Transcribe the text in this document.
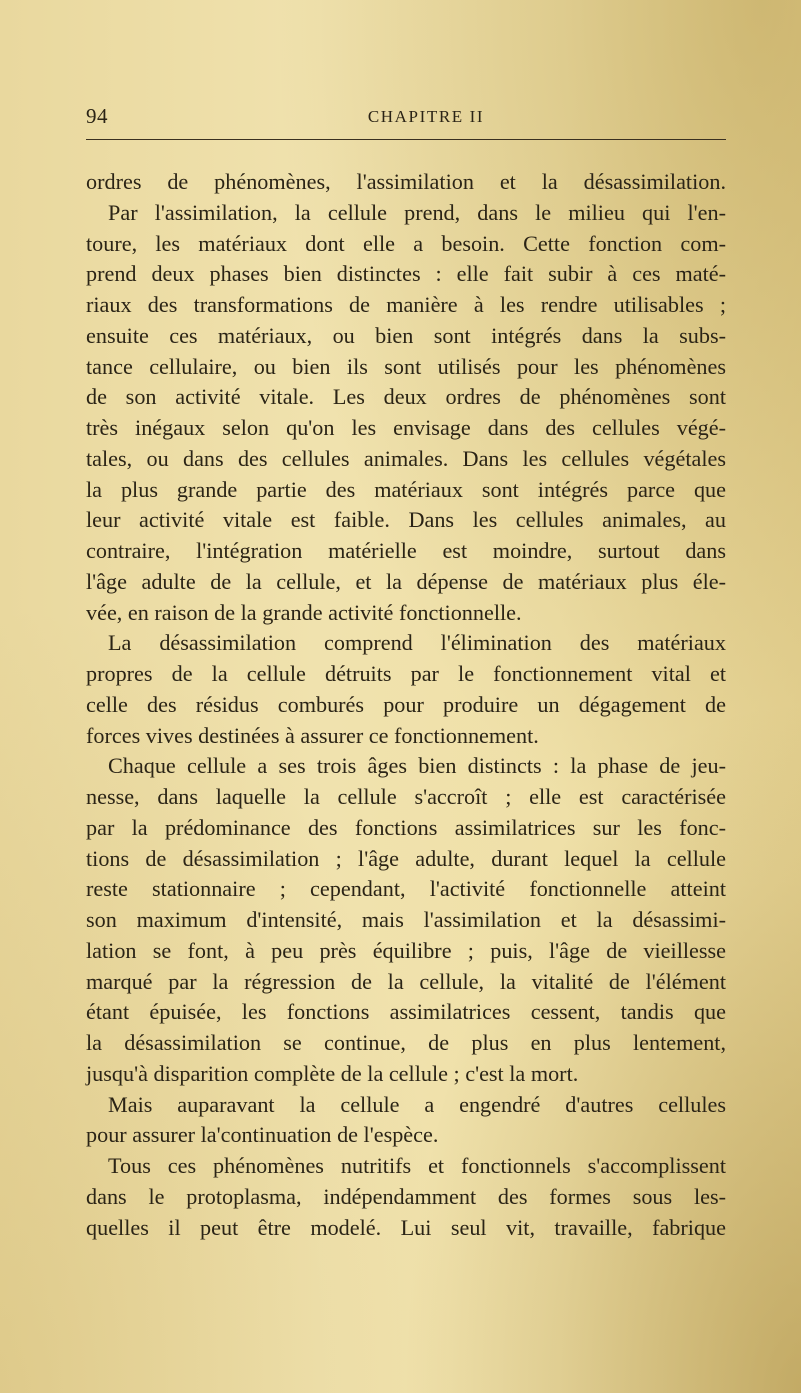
94	CHAPITRE II
ordres de phénomènes, l'assimilation et la désassimilation.
Par l'assimilation, la cellule prend, dans le milieu qui l'en-
toure, les matériaux dont elle a besoin. Cette fonction com-
prend deux phases bien distinctes : elle fait subir à ces maté-
riaux des transformations de manière à les rendre utilisables ;
ensuite ces matériaux, ou bien sont intégrés dans la subs-
tance cellulaire, ou bien ils sont utilisés pour les phénomènes
de son activité vitale. Les deux ordres de phénomènes sont
très inégaux selon qu'on les envisage dans des cellules végé-
tales, ou dans des cellules animales. Dans les cellules végétales
la plus grande partie des matériaux sont intégrés parce que
leur activité vitale est faible. Dans les cellules animales, au
contraire, l'intégration matérielle est moindre, surtout dans
l'âge adulte de la cellule, et la dépense de matériaux plus éle-
vée, en raison de la grande activité fonctionnelle.
La désassimilation comprend l'élimination des matériaux
propres de la cellule détruits par le fonctionnement vital et
celle des résidus comburés pour produire un dégagement de
forces vives destinées à assurer ce fonctionnement.
Chaque cellule a ses trois âges bien distincts : la phase de jeu-
nesse, dans laquelle la cellule s'accroît ; elle est caractérisée
par la prédominance des fonctions assimilatrices sur les fonc-
tions de désassimilation ; l'âge adulte, durant lequel la cellule
reste stationnaire ; cependant, l'activité fonctionnelle atteint
son maximum d'intensité, mais l'assimilation et la désassimi-
lation se font, à peu près équilibre ; puis, l'âge de vieillesse
marqué par la régression de la cellule, la vitalité de l'élément
étant épuisée, les fonctions assimilatrices cessent, tandis que
la désassimilation se continue, de plus en plus lentement,
jusqu'à disparition complète de la cellule ; c'est la mort.
Mais auparavant la cellule a engendré d'autres cellules
pour assurer la'continuation de l'espèce.
Tous ces phénomènes nutritifs et fonctionnels s'accomplissent
dans le protoplasma, indépendamment des formes sous les-
quelles il peut être modelé. Lui seul vit, travaille, fabrique
